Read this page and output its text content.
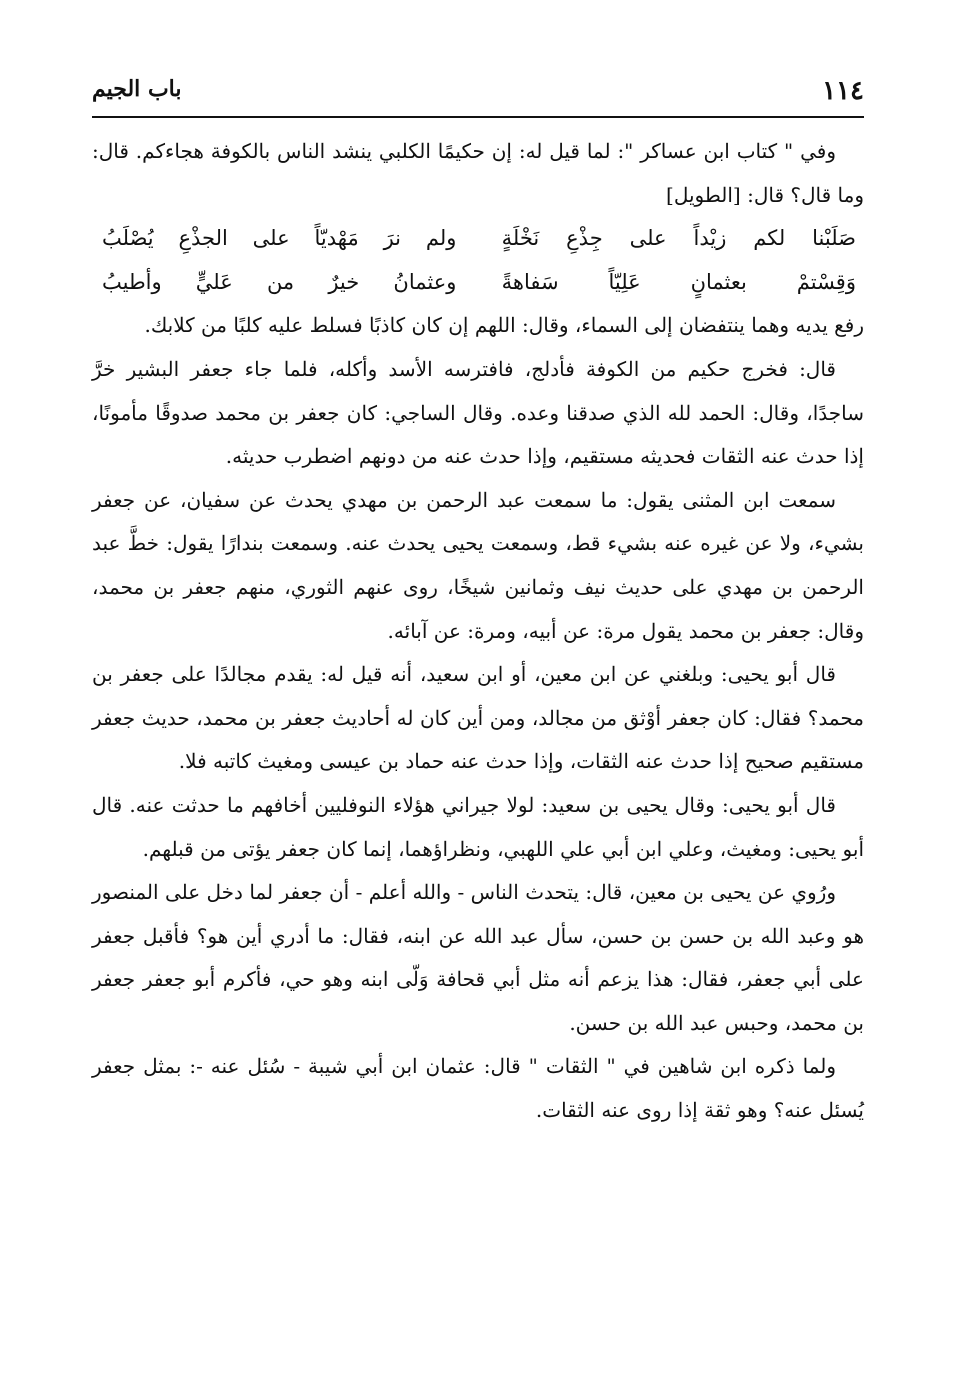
١١٤
باب الجيم

وفي " كتاب ابن عساكر ": لما قيل له: إن حكيمًا الكلبي ينشد الناس بالكوفة هجاءكم. قال: وما قال؟ قال: [الطويل]

صَلَبْنا لكم زيْداً على جِذْعِ نَخْلَةٍ
ولم نرَ مَهْديّاً على الجذْعِ يُصْلَبُ
وَقِسْتمْ بعثمانٍ عَلِيّاً سَفاهةً
وعثمانُ خيرٌ من عَليٍّ وأطيبُ

رفع يديه وهما ينتفضان إلى السماء، وقال: اللهم إن كان كاذبًا فسلط عليه كلبًا من كلابك.

قال: فخرج حكيم من الكوفة فأدلج، فافترسه الأسد وأكله، فلما جاء جعفر البشير خرَّ ساجدًا، وقال: الحمد لله الذي صدقنا وعده. وقال الساجي: كان جعفر بن محمد صدوقًا مأمونًا، إذا حدث عنه الثقات فحديثه مستقيم، وإذا حدث عنه من دونهم اضطرب حديثه.

سمعت ابن المثنى يقول: ما سمعت عبد الرحمن بن مهدي يحدث عن سفيان، عن جعفر بشيء، ولا عن غيره عنه بشيء قط، وسمعت يحيى يحدث عنه. وسمعت بندارًا يقول: خطَّ عبد الرحمن بن مهدي على حديث نيف وثمانين شيخًا، روى عنهم الثوري، منهم جعفر بن محمد، وقال: جعفر بن محمد يقول مرة: عن أبيه، ومرة: عن آبائه.

قال أبو يحيى: وبلغني عن ابن معين، أو ابن سعيد، أنه قيل له: يقدم مجالدًا على جعفر بن محمد؟ فقال: كان جعفر أوْثق من مجالد، ومن أين كان له أحاديث جعفر بن محمد، حديث جعفر مستقيم صحيح إذا حدث عنه الثقات، وإذا حدث عنه حماد بن عيسى ومغيث كاتبه فلا.

قال أبو يحيى: وقال يحيى بن سعيد: لولا جيراني هؤلاء النوفليين أخافهم ما حدثت عنه. قال أبو يحيى: ومغيث، وعلي ابن أبي علي اللهبي، ونظراؤهما، إنما كان جعفر يؤتى من قبلهم.

ورُوي عن يحيى بن معين، قال: يتحدث الناس - والله أعلم - أن جعفر لما دخل على المنصور هو وعبد الله بن حسن بن حسن، سأل عبد الله عن ابنه، فقال: ما أدري أين هو؟ فأقبل جعفر على أبي جعفر، فقال: هذا يزعم أنه مثل أبي قحافة وَلّى ابنه وهو حي، فأكرم أبو جعفر جعفر بن محمد، وحبس عبد الله بن حسن.

ولما ذكره ابن شاهين في " الثقات " قال: عثمان ابن أبي شيبة - سُئل عنه -: بمثل جعفر يُسئل عنه؟ وهو ثقة إذا روى عنه الثقات.
